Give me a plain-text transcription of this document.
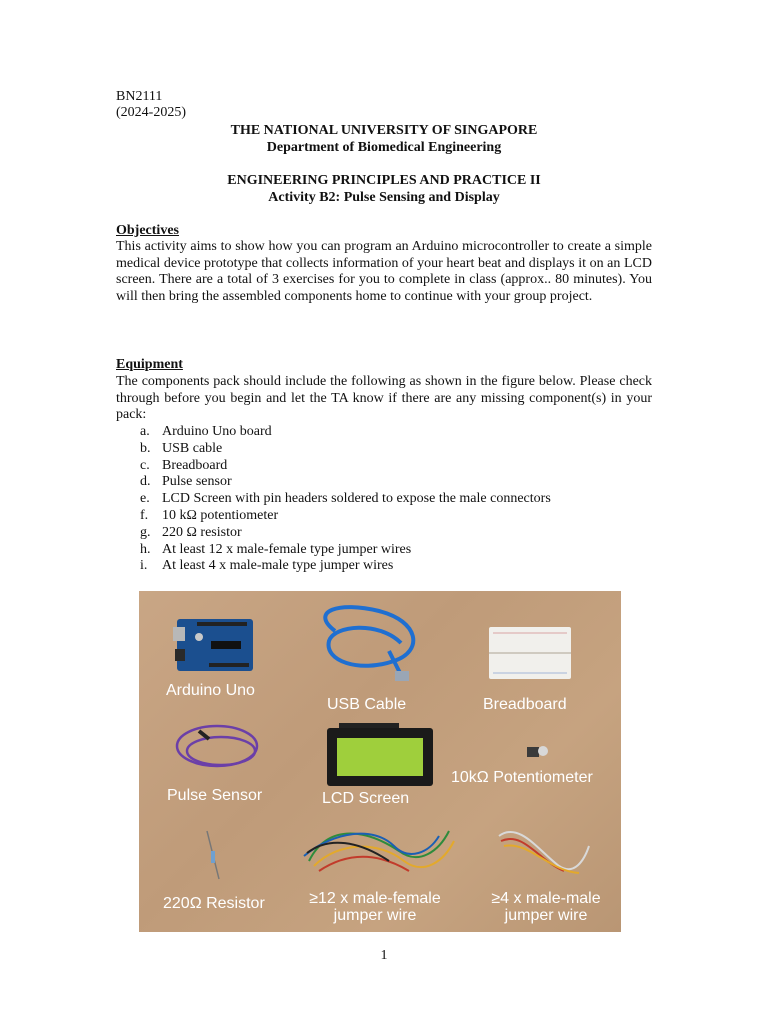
BN2111
(2024-2025)
THE NATIONAL UNIVERSITY OF SINGAPORE
Department of Biomedical Engineering
ENGINEERING PRINCIPLES AND PRACTICE II
Activity B2: Pulse Sensing and Display
Objectives
This activity aims to show how you can program an Arduino microcontroller to create a simple medical device prototype that collects information of your heart beat and displays it on an LCD screen. There are a total of 3 exercises for you to complete in class (approx.. 80 minutes). You will then bring the assembled components home to continue with your group project.
Equipment
The components pack should include the following as shown in the figure below. Please check through before you begin and let the TA know if there are any missing component(s) in your pack:
a. Arduino Uno board
b. USB cable
c. Breadboard
d. Pulse sensor
e. LCD Screen with pin headers soldered to expose the male connectors
f. 10 kΩ potentiometer
g. 220 Ω resistor
h. At least 12 x male-female type jumper wires
i. At least 4 x male-male type jumper wires
Arduino Uno
USB Cable	Breadboard
Pulse Sensor	LCD Screen
10kΩ Potentiometer
220Ω Resistor	≥12 x male-female
jumper wire
≥4 x male-male
jumper wire
1
